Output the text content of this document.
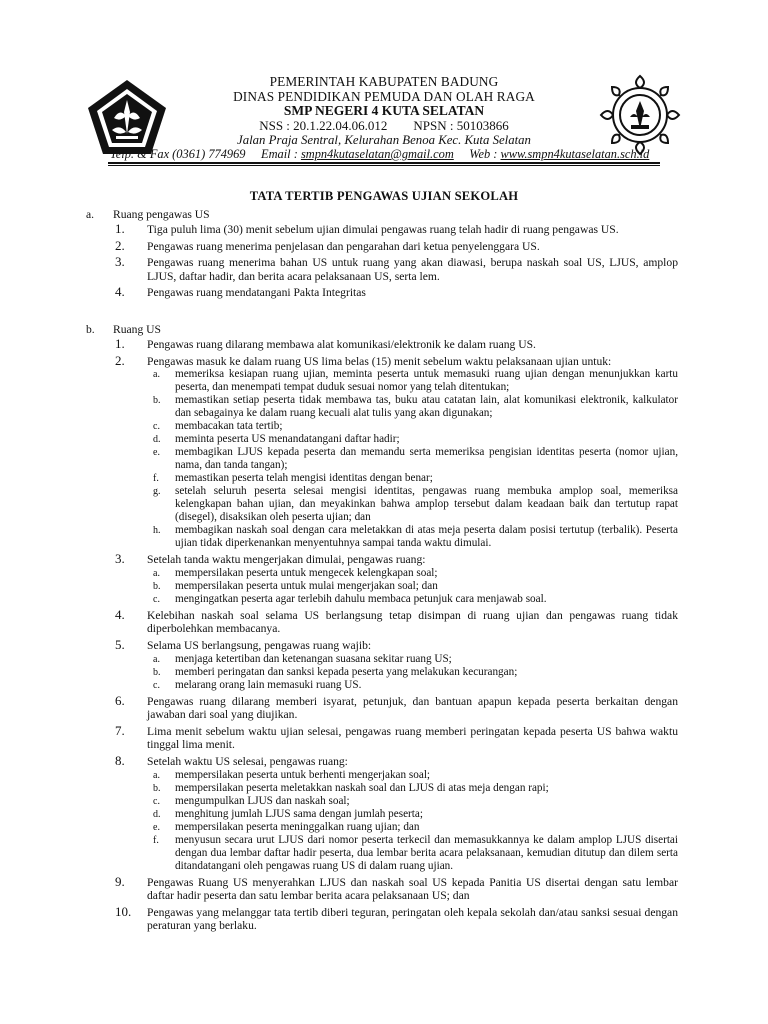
PEMERINTAH KABUPATEN BADUNG
DINAS PENDIDIKAN PEMUDA DAN OLAH RAGA
SMP NEGERI 4 KUTA SELATAN
NSS : 20.1.22.04.06.012 NPSN : 50103866
Jalan Praja Sentral, Kelurahan Benoa Kec. Kuta Selatan
Telp. & Fax (0361) 774969 Email : smpn4kutaselatan@gmail.com Web : www.smpn4kutaselatan.sch.id
TATA TERTIB PENGAWAS UJIAN SEKOLAH
a. Ruang pengawas US
1. Tiga puluh lima (30) menit sebelum ujian dimulai pengawas ruang telah hadir di ruang pengawas US.
2. Pengawas ruang menerima penjelasan dan pengarahan dari ketua penyelenggara US.
3. Pengawas ruang menerima bahan US untuk ruang yang akan diawasi, berupa naskah soal US, LJUS, amplop LJUS, daftar hadir, dan berita acara pelaksanaan US, serta lem.
4. Pengawas ruang mendatangani Pakta Integritas
b. Ruang US
1. Pengawas ruang dilarang membawa alat komunikasi/elektronik ke dalam ruang US.
2. Pengawas masuk ke dalam ruang US lima belas (15) menit sebelum waktu pelaksanaan ujian untuk:
a. memeriksa kesiapan ruang ujian, meminta peserta untuk memasuki ruang ujian dengan menunjukkan kartu peserta, dan menempati tempat duduk sesuai nomor yang telah ditentukan;
b. memastikan setiap peserta tidak membawa tas, buku atau catatan lain, alat komunikasi elektronik, kalkulator dan sebagainya ke dalam ruang kecuali alat tulis yang akan digunakan;
c. membacakan tata tertib;
d. meminta peserta US menandatangani daftar hadir;
e. membagikan LJUS kepada peserta dan memandu serta memeriksa pengisian identitas peserta (nomor ujian, nama, dan tanda tangan);
f. memastikan peserta telah mengisi identitas dengan benar;
g. setelah seluruh peserta selesai mengisi identitas, pengawas ruang membuka amplop soal, memeriksa kelengkapan bahan ujian, dan meyakinkan bahwa amplop tersebut dalam keadaan baik dan tertutup rapat (disegel), disaksikan oleh peserta ujian; dan
h. membagikan naskah soal dengan cara meletakkan di atas meja peserta dalam posisi tertutup (terbalik). Peserta ujian tidak diperkenankan menyentuhnya sampai tanda waktu dimulai.
3. Setelah tanda waktu mengerjakan dimulai, pengawas ruang:
a. mempersilakan peserta untuk mengecek kelengkapan soal;
b. mempersilakan peserta untuk mulai mengerjakan soal; dan
c. mengingatkan peserta agar terlebih dahulu membaca petunjuk cara menjawab soal.
4. Kelebihan naskah soal selama US berlangsung tetap disimpan di ruang ujian dan pengawas ruang tidak diperbolehkan membacanya.
5. Selama US berlangsung, pengawas ruang wajib:
a. menjaga ketertiban dan ketenangan suasana sekitar ruang US;
b. memberi peringatan dan sanksi kepada peserta yang melakukan kecurangan;
c. melarang orang lain memasuki ruang US.
6. Pengawas ruang dilarang memberi isyarat, petunjuk, dan bantuan apapun kepada peserta berkaitan dengan jawaban dari soal yang diujikan.
7. Lima menit sebelum waktu ujian selesai, pengawas ruang memberi peringatan kepada peserta US bahwa waktu tinggal lima menit.
8. Setelah waktu US selesai, pengawas ruang:
a. mempersilakan peserta untuk berhenti mengerjakan soal;
b. mempersilakan peserta meletakkan naskah soal dan LJUS di atas meja dengan rapi;
c. mengumpulkan LJUS dan naskah soal;
d. menghitung jumlah LJUS sama dengan jumlah peserta;
e. mempersilakan peserta meninggalkan ruang ujian; dan
f. menyusun secara urut LJUS dari nomor peserta terkecil dan memasukkannya ke dalam amplop LJUS disertai dengan dua lembar daftar hadir peserta, dua lembar berita acara pelaksanaan, kemudian ditutup dan dilem serta ditandatangani oleh pengawas ruang US di dalam ruang ujian.
9. Pengawas Ruang US menyerahkan LJUS dan naskah soal US kepada Panitia US disertai dengan satu lembar daftar hadir peserta dan satu lembar berita acara pelaksanaan US; dan
10. Pengawas yang melanggar tata tertib diberi teguran, peringatan oleh kepala sekolah dan/atau sanksi sesuai dengan peraturan yang berlaku.
